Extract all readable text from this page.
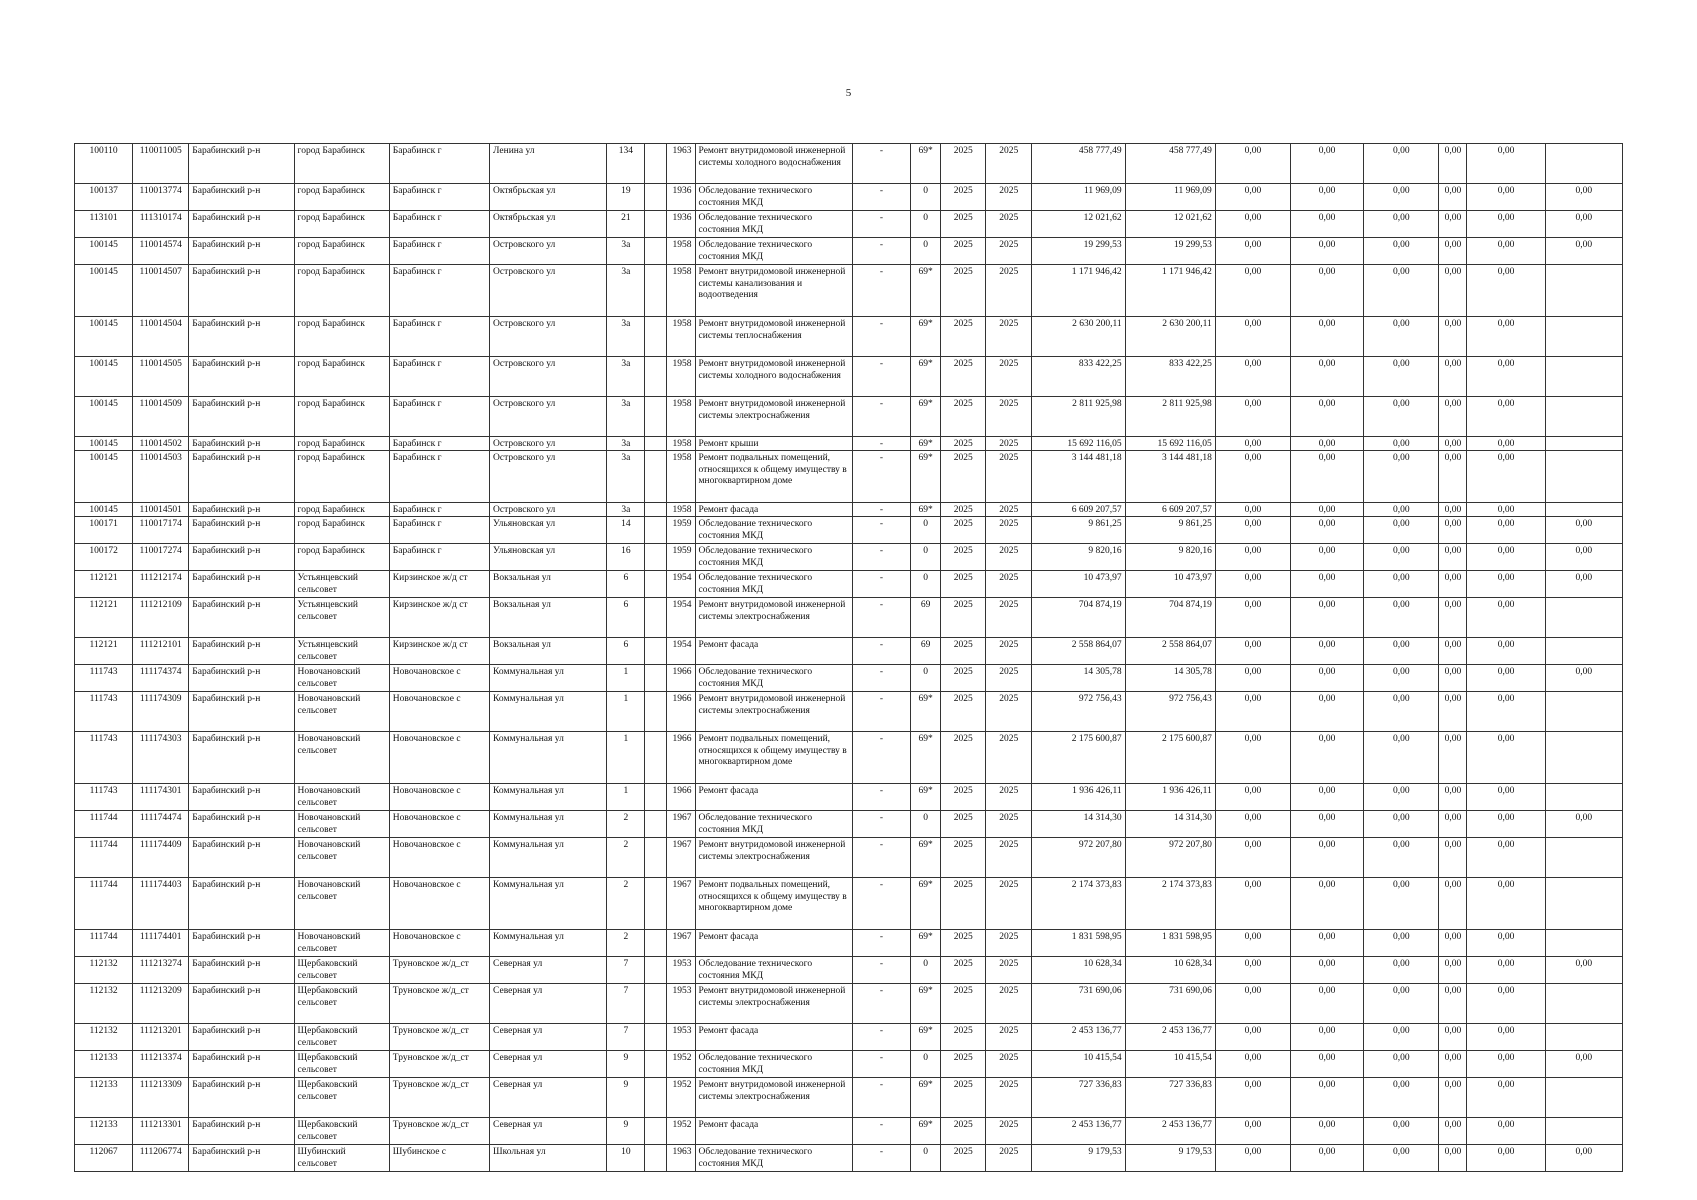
5
100110	110011005	Барабинский р-н	город Барабинск	Барабинск г	Ленина ул	134		1963	Ремонт внутридомовой инженерной системы холодного водоснабжения	-	69*	2025	2025	458 777,49	458 777,49	0,00	0,00	0,00	0,00	0,00	
100137	110013774	Барабинский р-н	город Барабинск	Барабинск г	Октябрьская ул	19		1936	Обследование технического состояния МКД	-	0	2025	2025	11 969,09	11 969,09	0,00	0,00	0,00	0,00	0,00	0,00
113101	111310174	Барабинский р-н	город Барабинск	Барабинск г	Октябрьская ул	21		1936	Обследование технического состояния МКД	-	0	2025	2025	12 021,62	12 021,62	0,00	0,00	0,00	0,00	0,00	0,00
100145	110014574	Барабинский р-н	город Барабинск	Барабинск г	Островского ул	3а		1958	Обследование технического состояния МКД	-	0	2025	2025	19 299,53	19 299,53	0,00	0,00	0,00	0,00	0,00	0,00
100145	110014507	Барабинский р-н	город Барабинск	Барабинск г	Островского ул	3а		1958	Ремонт внутридомовой инженерной системы канализования и водоотведения	-	69*	2025	2025	1 171 946,42	1 171 946,42	0,00	0,00	0,00	0,00	0,00	
100145	110014504	Барабинский р-н	город Барабинск	Барабинск г	Островского ул	3а		1958	Ремонт внутридомовой инженерной системы теплоснабжения	-	69*	2025	2025	2 630 200,11	2 630 200,11	0,00	0,00	0,00	0,00	0,00	
100145	110014505	Барабинский р-н	город Барабинск	Барабинск г	Островского ул	3а		1958	Ремонт внутридомовой инженерной системы холодного водоснабжения	-	69*	2025	2025	833 422,25	833 422,25	0,00	0,00	0,00	0,00	0,00	
100145	110014509	Барабинский р-н	город Барабинск	Барабинск г	Островского ул	3а		1958	Ремонт внутридомовой инженерной системы электроснабжения	-	69*	2025	2025	2 811 925,98	2 811 925,98	0,00	0,00	0,00	0,00	0,00	
100145	110014502	Барабинский р-н	город Барабинск	Барабинск г	Островского ул	3а		1958	Ремонт крыши	-	69*	2025	2025	15 692 116,05	15 692 116,05	0,00	0,00	0,00	0,00	0,00	
100145	110014503	Барабинский р-н	город Барабинск	Барабинск г	Островского ул	3а		1958	Ремонт подвальных помещений, относящихся к общему имуществу в многоквартирном доме	-	69*	2025	2025	3 144 481,18	3 144 481,18	0,00	0,00	0,00	0,00	0,00	
100145	110014501	Барабинский р-н	город Барабинск	Барабинск г	Островского ул	3а		1958	Ремонт фасада	-	69*	2025	2025	6 609 207,57	6 609 207,57	0,00	0,00	0,00	0,00	0,00	
100171	110017174	Барабинский р-н	город Барабинск	Барабинск г	Ульяновская ул	14		1959	Обследование технического состояния МКД	-	0	2025	2025	9 861,25	9 861,25	0,00	0,00	0,00	0,00	0,00	0,00
100172	110017274	Барабинский р-н	город Барабинск	Барабинск г	Ульяновская ул	16		1959	Обследование технического состояния МКД	-	0	2025	2025	9 820,16	9 820,16	0,00	0,00	0,00	0,00	0,00	0,00
112121	111212174	Барабинский р-н	Устьянцевский сельсовет	Кирзинское ж/д ст	Вокзальная ул	6		1954	Обследование технического состояния МКД	-	0	2025	2025	10 473,97	10 473,97	0,00	0,00	0,00	0,00	0,00	0,00
112121	111212109	Барабинский р-н	Устьянцевский сельсовет	Кирзинское ж/д ст	Вокзальная ул	6		1954	Ремонт внутридомовой инженерной системы электроснабжения	-	69	2025	2025	704 874,19	704 874,19	0,00	0,00	0,00	0,00	0,00	
112121	111212101	Барабинский р-н	Устьянцевский сельсовет	Кирзинское ж/д ст	Вокзальная ул	6		1954	Ремонт фасада	-	69	2025	2025	2 558 864,07	2 558 864,07	0,00	0,00	0,00	0,00	0,00	
111743	111174374	Барабинский р-н	Новочановский сельсовет	Новочановское с	Коммунальная ул	1		1966	Обследование технического состояния МКД	-	0	2025	2025	14 305,78	14 305,78	0,00	0,00	0,00	0,00	0,00	0,00
111743	111174309	Барабинский р-н	Новочановский сельсовет	Новочановское с	Коммунальная ул	1		1966	Ремонт внутридомовой инженерной системы электроснабжения	-	69*	2025	2025	972 756,43	972 756,43	0,00	0,00	0,00	0,00	0,00	
111743	111174303	Барабинский р-н	Новочановский сельсовет	Новочановское с	Коммунальная ул	1		1966	Ремонт подвальных помещений, относящихся к общему имуществу в многоквартирном доме	-	69*	2025	2025	2 175 600,87	2 175 600,87	0,00	0,00	0,00	0,00	0,00	
111743	111174301	Барабинский р-н	Новочановский сельсовет	Новочановское с	Коммунальная ул	1		1966	Ремонт фасада	-	69*	2025	2025	1 936 426,11	1 936 426,11	0,00	0,00	0,00	0,00	0,00	
111744	111174474	Барабинский р-н	Новочановский сельсовет	Новочановское с	Коммунальная ул	2		1967	Обследование технического состояния МКД	-	0	2025	2025	14 314,30	14 314,30	0,00	0,00	0,00	0,00	0,00	0,00
111744	111174409	Барабинский р-н	Новочановский сельсовет	Новочановское с	Коммунальная ул	2		1967	Ремонт внутридомовой инженерной системы электроснабжения	-	69*	2025	2025	972 207,80	972 207,80	0,00	0,00	0,00	0,00	0,00	
111744	111174403	Барабинский р-н	Новочановский сельсовет	Новочановское с	Коммунальная ул	2		1967	Ремонт подвальных помещений, относящихся к общему имуществу в многоквартирном доме	-	69*	2025	2025	2 174 373,83	2 174 373,83	0,00	0,00	0,00	0,00	0,00	
111744	111174401	Барабинский р-н	Новочановский сельсовет	Новочановское с	Коммунальная ул	2		1967	Ремонт фасада	-	69*	2025	2025	1 831 598,95	1 831 598,95	0,00	0,00	0,00	0,00	0,00	
112132	111213274	Барабинский р-н	Щербаковский сельсовет	Труновское ж/д_ст	Северная ул	7		1953	Обследование технического состояния МКД	-	0	2025	2025	10 628,34	10 628,34	0,00	0,00	0,00	0,00	0,00	0,00
112132	111213209	Барабинский р-н	Щербаковский сельсовет	Труновское ж/д_ст	Северная ул	7		1953	Ремонт внутридомовой инженерной системы электроснабжения	-	69*	2025	2025	731 690,06	731 690,06	0,00	0,00	0,00	0,00	0,00	
112132	111213201	Барабинский р-н	Щербаковский сельсовет	Труновское ж/д_ст	Северная ул	7		1953	Ремонт фасада	-	69*	2025	2025	2 453 136,77	2 453 136,77	0,00	0,00	0,00	0,00	0,00	
112133	111213374	Барабинский р-н	Щербаковский сельсовет	Труновское ж/д_ст	Северная ул	9		1952	Обследование технического состояния МКД	-	0	2025	2025	10 415,54	10 415,54	0,00	0,00	0,00	0,00	0,00	0,00
112133	111213309	Барабинский р-н	Щербаковский сельсовет	Труновское ж/д_ст	Северная ул	9		1952	Ремонт внутридомовой инженерной системы электроснабжения	-	69*	2025	2025	727 336,83	727 336,83	0,00	0,00	0,00	0,00	0,00	
112133	111213301	Барабинский р-н	Щербаковский сельсовет	Труновское ж/д_ст	Северная ул	9		1952	Ремонт фасада	-	69*	2025	2025	2 453 136,77	2 453 136,77	0,00	0,00	0,00	0,00	0,00	
112067	111206774	Барабинский р-н	Шубинский сельсовет	Шубинское с	Школьная ул	10		1963	Обследование технического состояния МКД	-	0	2025	2025	9 179,53	9 179,53	0,00	0,00	0,00	0,00	0,00	0,00
